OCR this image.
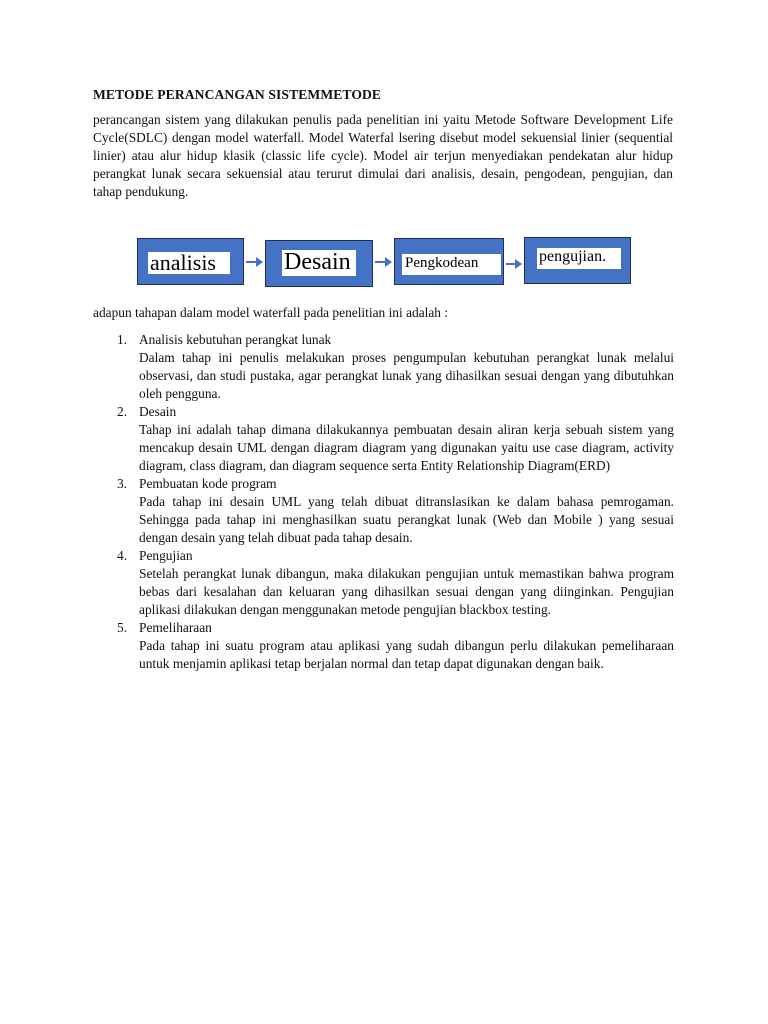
METODE PERANCANGAN SISTEMMETODE

perancangan sistem yang dilakukan penulis pada penelitian ini yaitu Metode Software Development Life Cycle(SDLC) dengan model waterfall. Model Waterfal lsering disebut model sekuensial linier (sequential linier) atau alur hidup klasik (classic life cycle). Model air terjun menyediakan pendekatan alur hidup perangkat lunak secara sekuensial atau terurut dimulai dari analisis, desain, pengodean, pengujian, dan tahap pendukung.

analisis	Desain	Pengkodean	pengujian.

adapun tahapan dalam model waterfall pada penelitian ini adalah :

1. Analisis kebutuhan perangkat lunak
Dalam tahap ini penulis melakukan proses pengumpulan kebutuhan perangkat lunak melalui observasi, dan studi pustaka, agar perangkat lunak yang dihasilkan sesuai dengan yang dibutuhkan oleh pengguna.
2. Desain
Tahap ini adalah tahap dimana dilakukannya pembuatan desain aliran kerja sebuah sistem yang mencakup desain UML dengan diagram diagram yang digunakan yaitu use case diagram, activity diagram, class diagram, dan diagram sequence serta Entity Relationship Diagram(ERD)
3. Pembuatan kode program
Pada tahap ini desain UML yang telah dibuat ditranslasikan ke dalam bahasa pemrogaman. Sehingga pada tahap ini menghasilkan suatu perangkat lunak (Web dan Mobile ) yang sesuai dengan desain yang telah dibuat pada tahap desain.
4. Pengujian
Setelah perangkat lunak dibangun, maka dilakukan pengujian untuk memastikan bahwa program bebas dari kesalahan dan keluaran yang dihasilkan sesuai dengan yang diinginkan. Pengujian aplikasi dilakukan dengan menggunakan metode pengujian blackbox testing.
5. Pemeliharaan
Pada tahap ini suatu program atau aplikasi yang sudah dibangun perlu dilakukan pemeliharaan untuk menjamin aplikasi tetap berjalan normal dan tetap dapat digunakan dengan baik.
